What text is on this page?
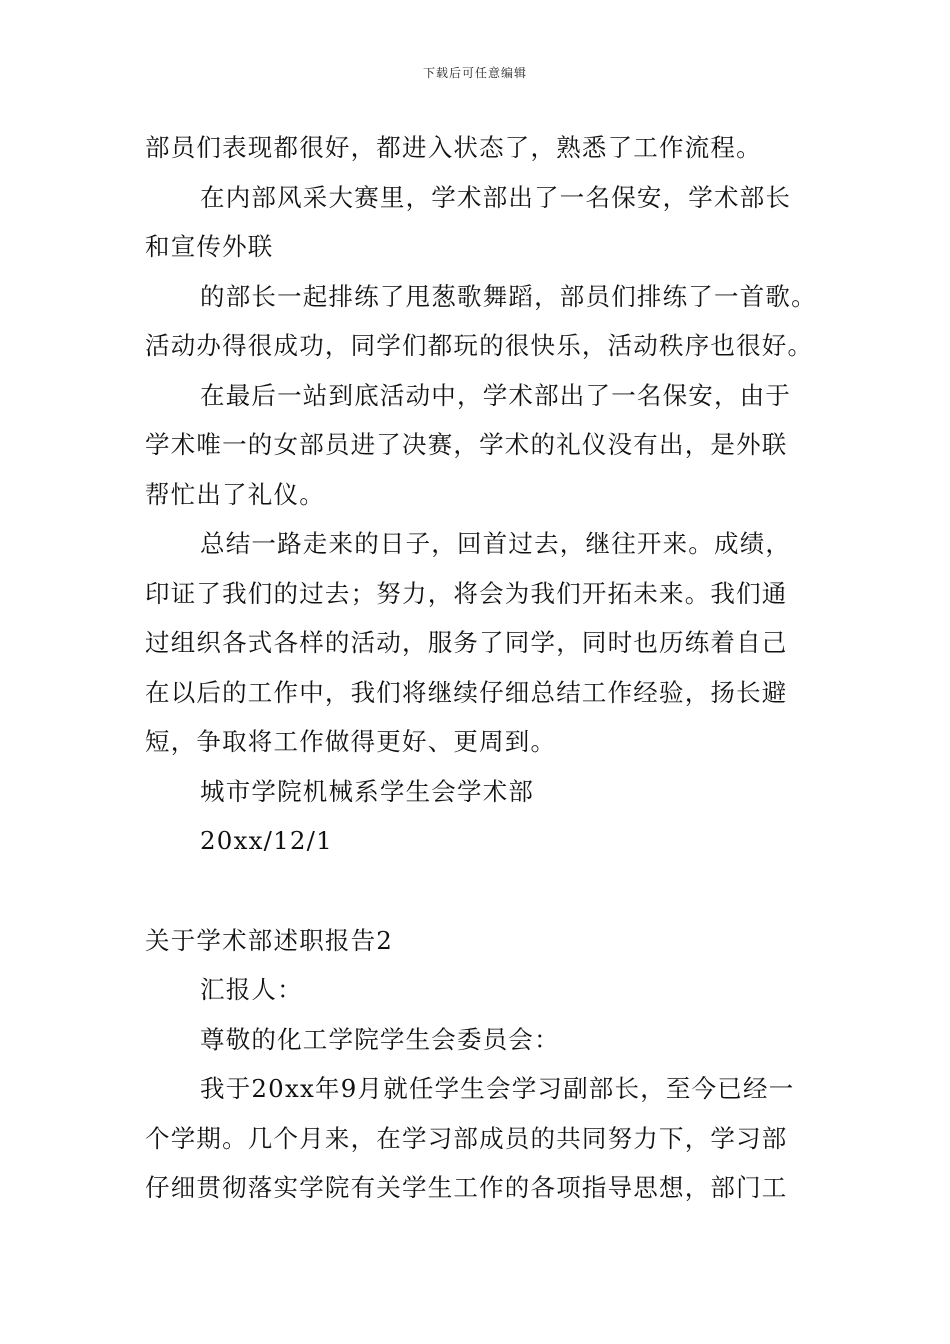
下载后可任意编辑
部员们表现都很好，都进入状态了，熟悉了工作流程。
在内部风采大赛里，学术部出了一名保安，学术部长
和宣传外联
的部长一起排练了甩葱歌舞蹈，部员们排练了一首歌。
活动办得很成功，同学们都玩的很快乐，活动秩序也很好。
在最后一站到底活动中，学术部出了一名保安，由于
学术唯一的女部员进了决赛，学术的礼仪没有出，是外联
帮忙出了礼仪。
总结一路走来的日子，回首过去，继往开来。成绩，
印证了我们的过去；努力，将会为我们开拓未来。我们通
过组织各式各样的活动，服务了同学，同时也历练着自己
在以后的工作中，我们将继续仔细总结工作经验，扬长避
短，争取将工作做得更好、更周到。
城市学院机械系学生会学术部
20xx/12/1
关于学术部述职报告2
汇报人：
尊敬的化工学院学生会委员会：
我于20xx年9月就任学生会学习副部长，至今已经一
个学期。几个月来，在学习部成员的共同努力下，学习部
仔细贯彻落实学院有关学生工作的各项指导思想，部门工
